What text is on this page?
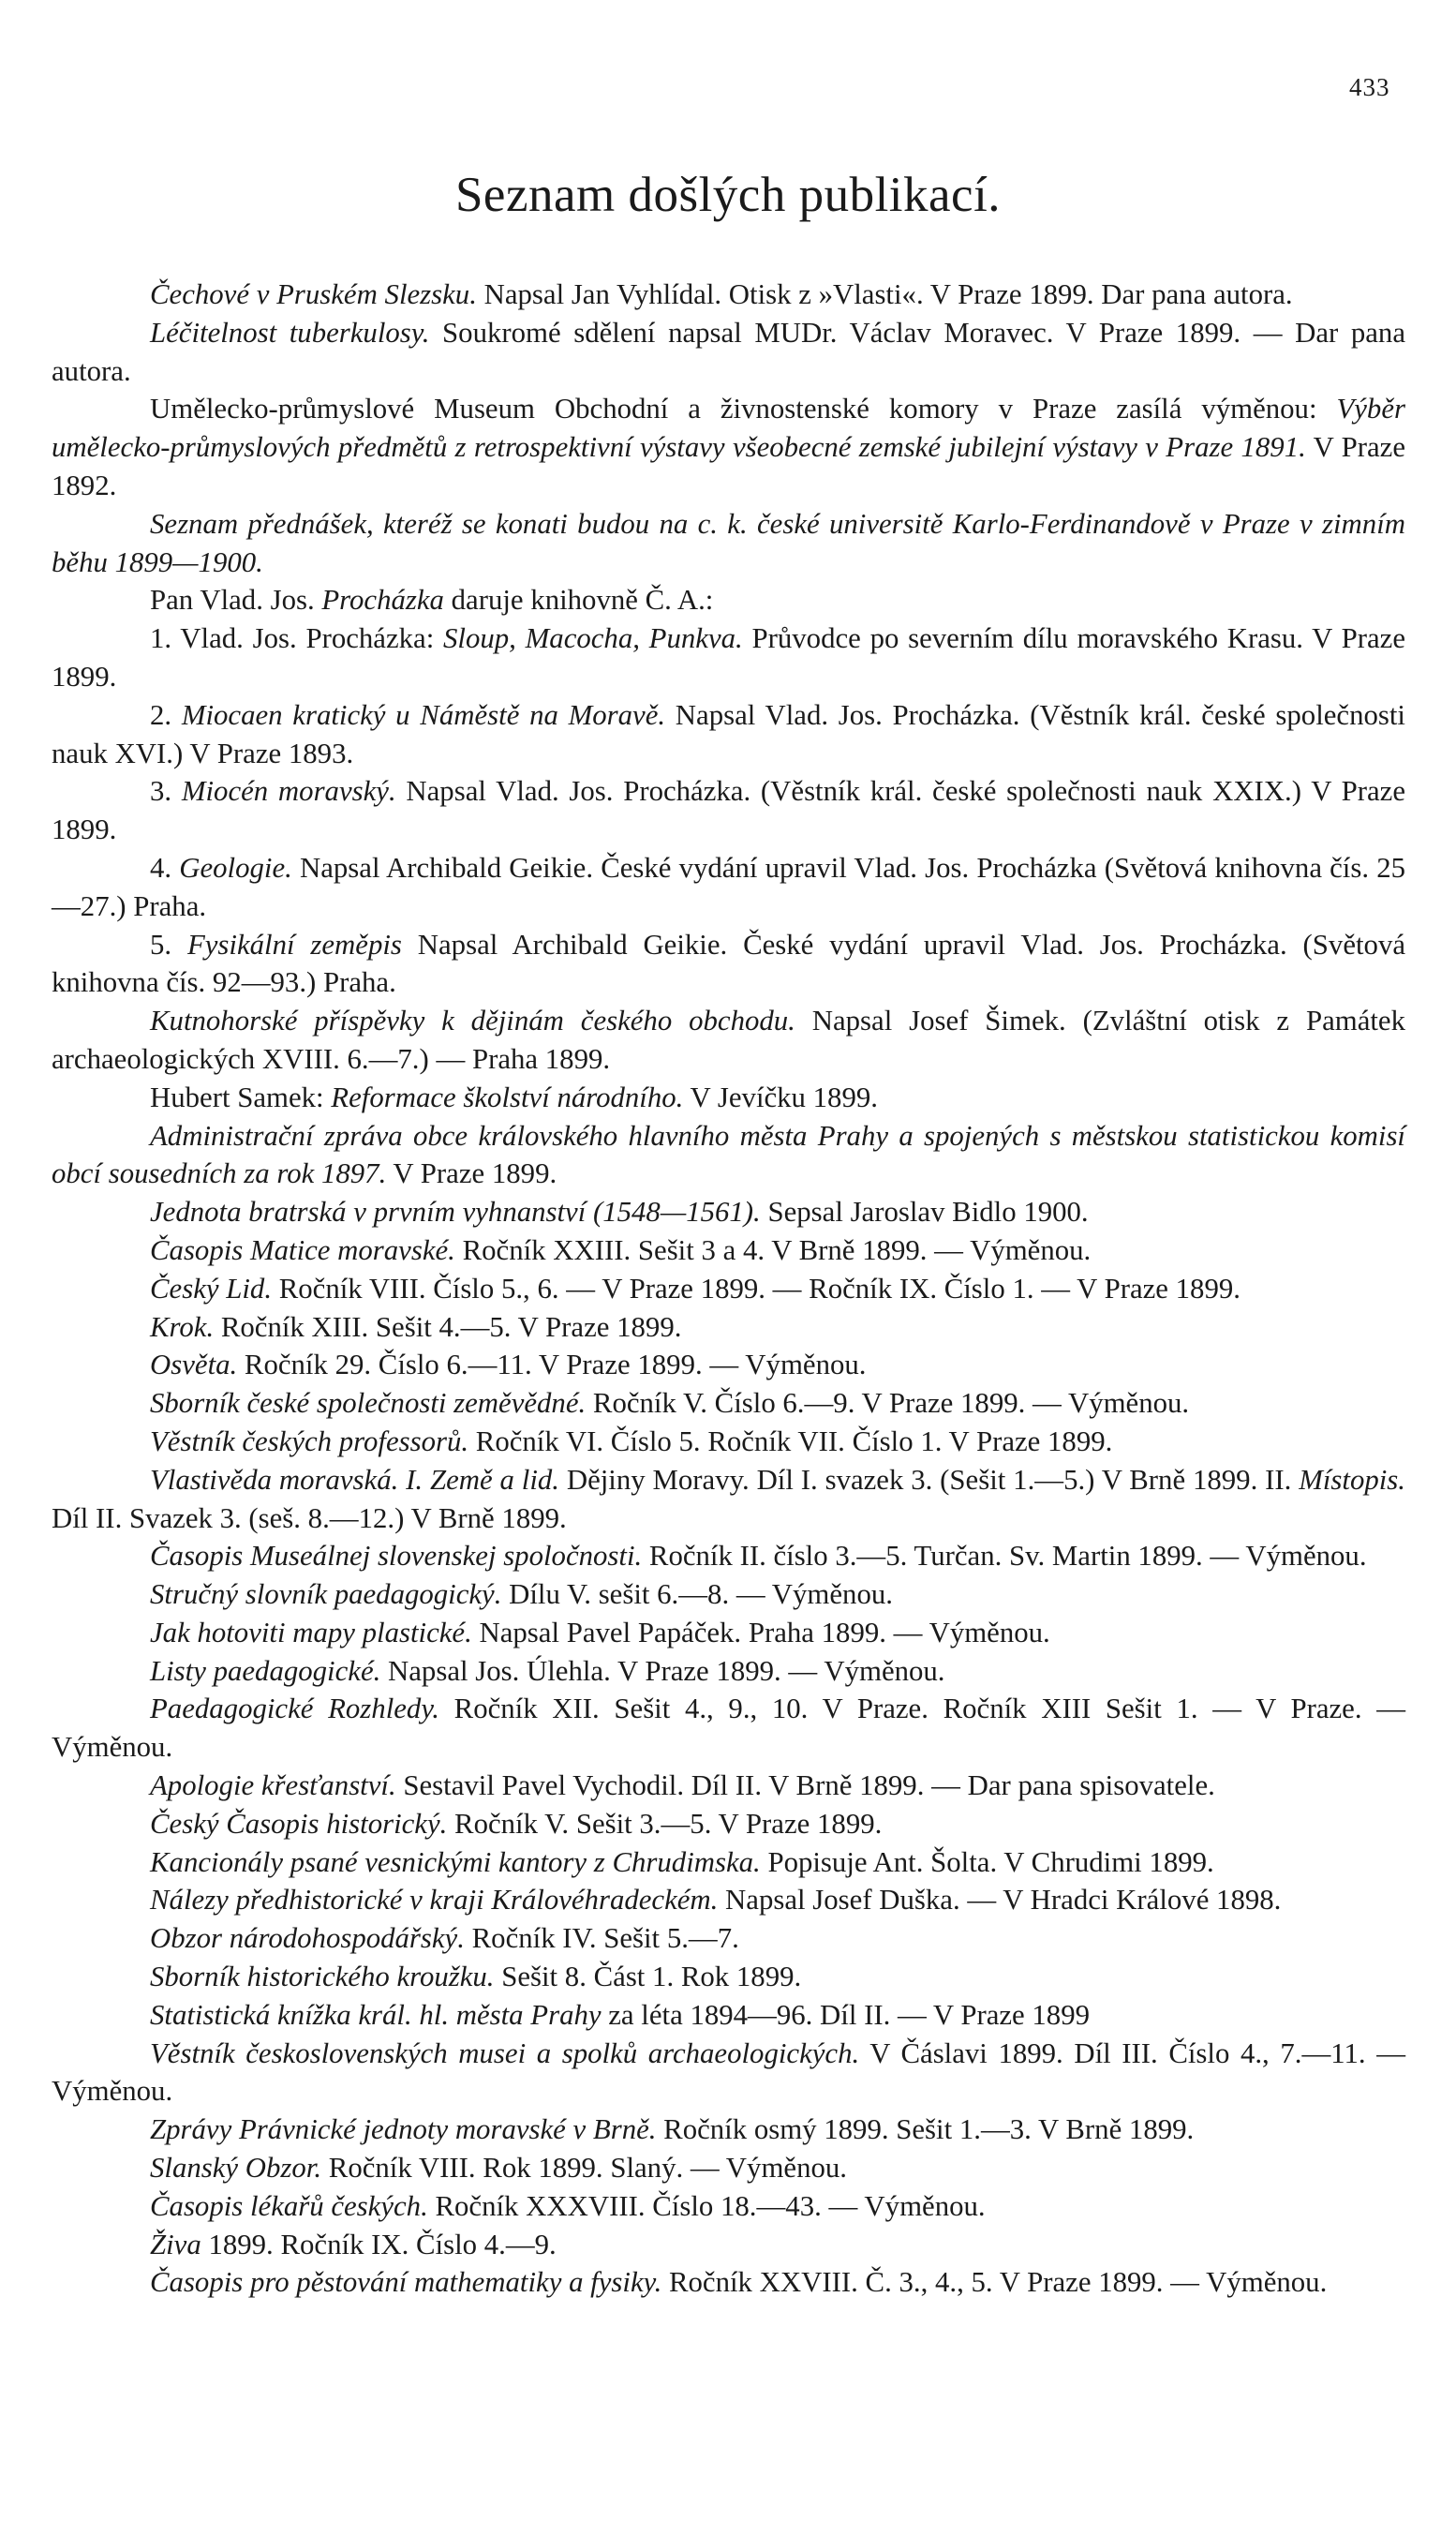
433
Seznam došlých publikací.

Čechové v Pruském Slezsku. Napsal Jan Vyhlídal. Otisk z »Vlasti«. V Praze 1899. Dar pana autora.

Léčitelnost tuberkulosy. Soukromé sdělení napsal MUDr. Václav Moravec. V Praze 1899. — Dar pana autora.

Umělecko-průmyslové Museum Obchodní a živnostenské komory v Praze zasílá výměnou: Výběr umělecko-průmyslových předmětů z retrospektivní výstavy všeobecné zemské jubilejní výstavy v Praze 1891. V Praze 1892.

Seznam přednášek, kteréž se konati budou na c. k. české universitě Karlo-Ferdinandově v Praze v zimním běhu 1899—1900.

Pan Vlad. Jos. Procházka daruje knihovně Č. A.:

1. Vlad. Jos. Procházka: Sloup, Macocha, Punkva. Průvodce po severním dílu moravského Krasu. V Praze 1899.

2. Miocaen kratický u Náměstě na Moravě. Napsal Vlad. Jos. Procházka. (Věstník král. české společnosti nauk XVI.) V Praze 1893.

3. Miocén moravský. Napsal Vlad. Jos. Procházka. (Věstník král. české společnosti nauk XXIX.) V Praze 1899.

4. Geologie. Napsal Archibald Geikie. České vydání upravil Vlad. Jos. Procházka (Světová knihovna čís. 25—27.) Praha.

5. Fysikální zeměpis Napsal Archibald Geikie. České vydání upravil Vlad. Jos. Procházka. (Světová knihovna čís. 92—93.) Praha.

Kutnohorské příspěvky k dějinám českého obchodu. Napsal Josef Šimek. (Zvláštní otisk z Památek archaeologických XVIII. 6.—7.) — Praha 1899.

Hubert Samek: Reformace školství národního. V Jevíčku 1899.

Administrační zpráva obce královského hlavního města Prahy a spojených s městskou statistickou komisí obcí sousedních za rok 1897. V Praze 1899.

Jednota bratrská v prvním vyhnanství (1548—1561). Sepsal Jaroslav Bidlo 1900.

Časopis Matice moravské. Ročník XXIII. Sešit 3 a 4. V Brně 1899. — Výměnou.

Český Lid. Ročník VIII. Číslo 5., 6. — V Praze 1899. — Ročník IX. Číslo 1. — V Praze 1899.

Krok. Ročník XIII. Sešit 4.—5. V Praze 1899.

Osvěta. Ročník 29. Číslo 6.—11. V Praze 1899. — Výměnou.

Sborník české společnosti zeměvědné. Ročník V. Číslo 6.—9. V Praze 1899. — Výměnou.

Věstník českých professorů. Ročník VI. Číslo 5. Ročník VII. Číslo 1. V Praze 1899.

Vlastivěda moravská. I. Země a lid. Dějiny Moravy. Díl I. svazek 3. (Sešit 1.—5.) V Brně 1899. II. Místopis. Díl II. Svazek 3. (seš. 8.—12.) V Brně 1899.

Časopis Museálnej slovenskej spoločnosti. Ročník II. číslo 3.—5. Turčan. Sv. Martin 1899. — Výměnou.

Stručný slovník paedagogický. Dílu V. sešit 6.—8. — Výměnou.

Jak hotoviti mapy plastické. Napsal Pavel Papáček. Praha 1899. — Výměnou.

Listy paedagogické. Napsal Jos. Úlehla. V Praze 1899. — Výměnou.

Paedagogické Rozhledy. Ročník XII. Sešit 4., 9., 10. V Praze. Ročník XIII Sešit 1. — V Praze. — Výměnou.

Apologie křesťanství. Sestavil Pavel Vychodil. Díl II. V Brně 1899. — Dar pana spisovatele.

Český Časopis historický. Ročník V. Sešit 3.—5. V Praze 1899.

Kancionály psané vesnickými kantory z Chrudimska. Popisuje Ant. Šolta. V Chrudimi 1899.

Nálezy předhistorické v kraji Královéhradeckém. Napsal Josef Duška. — V Hradci Králové 1898.

Obzor národohospodářský. Ročník IV. Sešit 5.—7.

Sborník historického kroužku. Sešit 8. Část 1. Rok 1899.

Statistická knížka král. hl. města Prahy za léta 1894—96. Díl II. — V Praze 1899

Věstník československých musei a spolků archaeologických. V Čáslavi 1899. Díl III. Číslo 4., 7.—11. — Výměnou.

Zprávy Právnické jednoty moravské v Brně. Ročník osmý 1899. Sešit 1.—3. V Brně 1899.

Slanský Obzor. Ročník VIII. Rok 1899. Slaný. — Výměnou.

Časopis lékařů českých. Ročník XXXVIII. Číslo 18.—43. — Výměnou.

Živa 1899. Ročník IX. Číslo 4.—9.

Časopis pro pěstování mathematiky a fysiky. Ročník XXVIII. Č. 3., 4., 5. V Praze 1899. — Výměnou.
